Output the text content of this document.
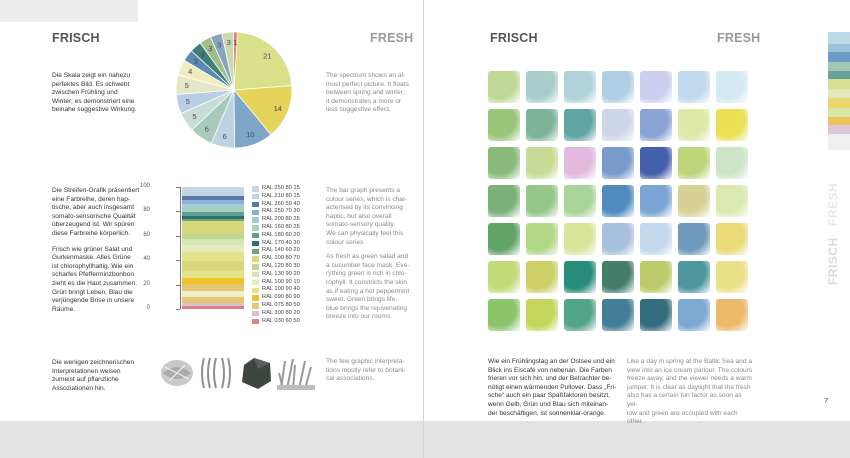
FRISCH	FRESH
Die Skala zeigt ein nahezu
perfektes Bild. Es schwebt
zwischen Frühling und
Winter; es demonstriert eine
beinahe suggestive Wirkung.
The spectrum shows an al-
most perfect picture. It floats
between spring and winter;
it demonstrates a more or
less suggestive effect.
21
14
10
6
6
5
5
5
4
3
3
3 3 3 1
Die Streifen-Grafik präsentiert
eine Farbreihe, deren hap-
tische, aber auch insgesamt
somato-sensorische Qualität
überzeugend ist. Wir spüren
diese Farbreihe körperlich.
Frisch wie grüner Salat und
Gurkenmaske. Alles Grüne
ist chlorophyllhaltig. Wie ein
scharfes Pfefferminzbonbon
zieht es die Haut zusammen.
Grün bringt Leben, Blau die
verjüngende Brise in unsere
Räume.
The bar graph presents a
colour series, which is char-
acterised by its convincing
haptic, but also overall
somato-sensory quality.
We can physically feel this
colour series.
As fresh as green salad and
a cucumber face mask. Eve-
rything green is rich in chlo-
rophyll. It constricts the skin
as if eating a hot peppermint
sweet. Green brings life,
blue brings the rejuvenating
breeze into our rooms.
0
20
40
60
80
100	RAL 250 80 15
RAL 210 80 15
RAL 260 50 40
RAL 250 70 30
RAL 200 80 25
RAL 160 80 25
RAL 180 60 20
RAL 170 40 30
RAL 140 60 20
RAL 100 80 70
RAL 120 80 30
RAL 130 90 20
RAL 100 90 10
RAL 100 90 40
RAL 090 80 90
RAL 075 80 50
RAL 300 80 20
RAL 030 60 50
Die wenigen zeichnerischen
Interpretationen weisen
zumeist auf pflanzliche
Assoziationen hin.
The few graphic interpreta-
tions mostly refer to botani-
cal associations.
FRISCH	FRESH
Wie ein Frühlingstag an der Ostsee und ein
Blick ins Eiscafé von nebenan. Die Farben
frieren vor sich hin, und der Betrachter be-
nötigt einen wärmenden Pullover. Dass „Fri-
sche“ auch ein paar Spaßfaktoren besitzt,
wenn Gelb, Grün und Blau sich miteinan-
der beschäftigen, ist sonnenklar-orange.
Like a day in spring at the Baltic Sea and a
view into an ice cream parlour. The colours
freeze away, and the viewer needs a warm
jumper. It is clear as daylight that the fresh
also has a certain fun factor as soon as yel-
low and green are occupied with each other.
7
FRISCH
FRESH
